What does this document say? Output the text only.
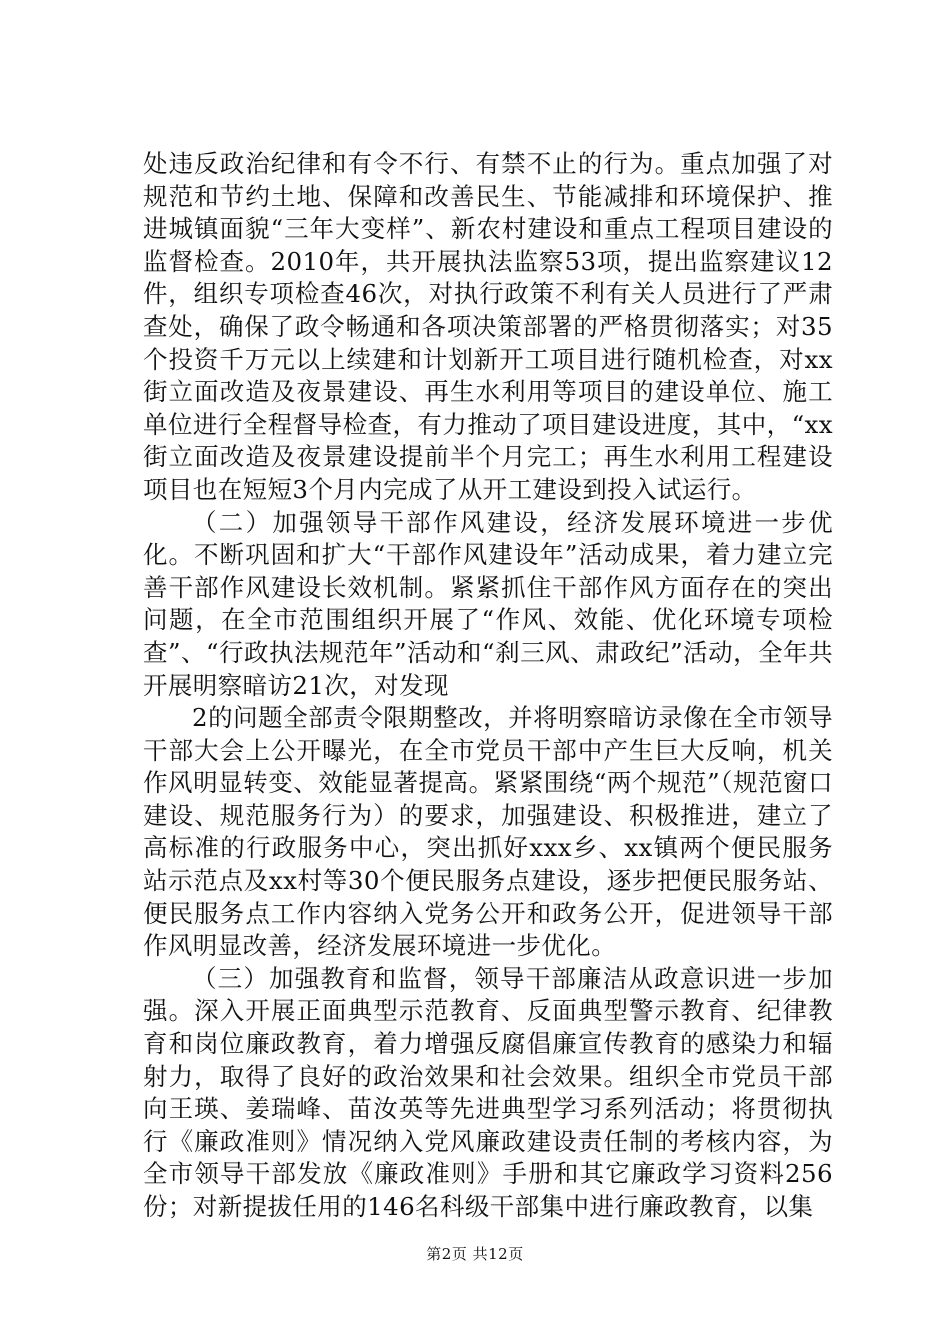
处违反政治纪律和有令不行、有禁不止的行为。重点加强了对规范和节约土地、保障和改善民生、节能减排和环境保护、推进城镇面貌“三年大变样”、新农村建设和重点工程项目建设的监督检查。2010年，共开展执法监察53项，提出监察建议12件，组织专项检查46次，对执行政策不利有关人员进行了严肃查处，确保了政令畅通和各项决策部署的严格贯彻落实；对35个投资千万元以上续建和计划新开工项目进行随机检查，对xx街立面改造及夜景建设、再生水利用等项目的建设单位、施工单位进行全程督导检查，有力推动了项目建设进度，其中，“xx街立面改造及夜景建设提前半个月完工；再生水利用工程建设项目也在短短3个月内完成了从开工建设到投入试运行。

（二）加强领导干部作风建设，经济发展环境进一步优化。不断巩固和扩大“干部作风建设年”活动成果，着力建立完善干部作风建设长效机制。紧紧抓住干部作风方面存在的突出问题，在全市范围组织开展了“作风、效能、优化环境专项检查”、“行政执法规范年”活动和“刹三风、肃政纪”活动，全年共开展明察暗访21次，对发现

2的问题全部责令限期整改，并将明察暗访录像在全市领导干部大会上公开曝光，在全市党员干部中产生巨大反响，机关作风明显转变、效能显著提高。紧紧围绕“两个规范”（规范窗口建设、规范服务行为）的要求，加强建设、积极推进，建立了高标准的行政服务中心，突出抓好xxx乡、xx镇两个便民服务站示范点及xx村等30个便民服务点建设，逐步把便民服务站、便民服务点工作内容纳入党务公开和政务公开，促进领导干部作风明显改善，经济发展环境进一步优化。

（三）加强教育和监督，领导干部廉洁从政意识进一步加强。深入开展正面典型示范教育、反面典型警示教育、纪律教育和岗位廉政教育，着力增强反腐倡廉宣传教育的感染力和辐射力，取得了良好的政治效果和社会效果。组织全市党员干部向王瑛、姜瑞峰、苗汝英等先进典型学习系列活动；将贯彻执行《廉政准则》情况纳入党风廉政建设责任制的考核内容，为全市领导干部发放《廉政准则》手册和其它廉政学习资料256份；对新提拔任用的146名科级干部集中进行廉政教育，以集

第2页 共12页
